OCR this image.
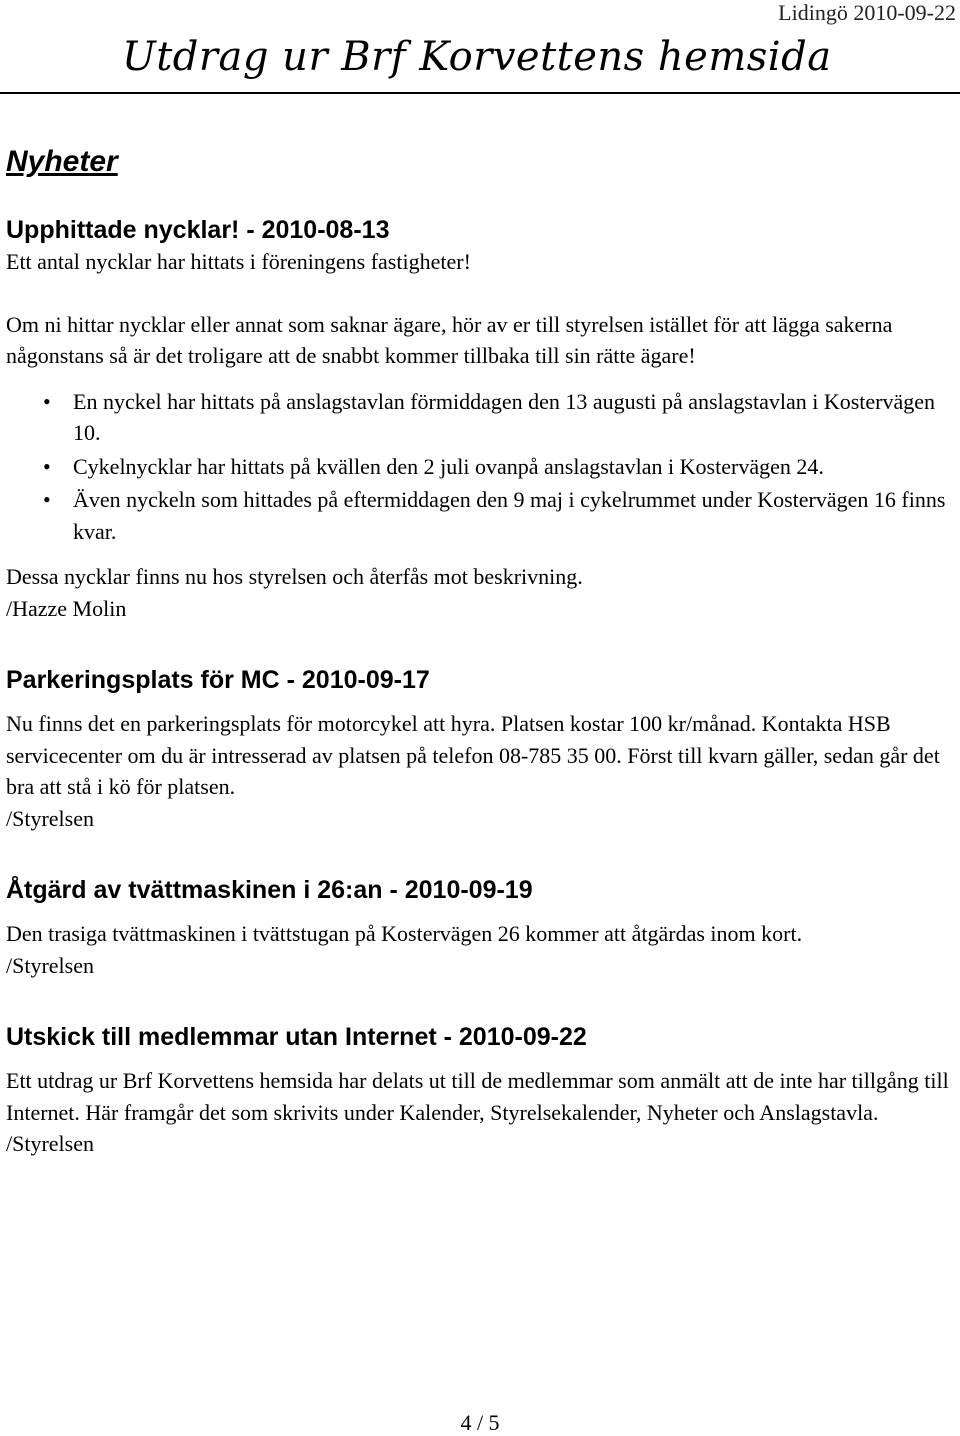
Lidingö 2010-09-22
Utdrag ur Brf Korvettens hemsida
Nyheter
Upphittade nycklar! - 2010-08-13

Ett antal nycklar har hittats i föreningens fastigheter!

Om ni hittar nycklar eller annat som saknar ägare, hör av er till styrelsen istället för att lägga sakerna någonstans så är det troligare att de snabbt kommer tillbaka till sin rätte ägare!

• En nyckel har hittats på anslagstavlan förmiddagen den 13 augusti på anslagstavlan i Kostervägen 10.
• Cykelnycklar har hittats på kvällen den 2 juli ovanpå anslagstavlan i Kostervägen 24.
• Även nyckeln som hittades på eftermiddagen den 9 maj i cykelrummet under Kostervägen 16 finns kvar.

Dessa nycklar finns nu hos styrelsen och återfås mot beskrivning.

/Hazze Molin

Parkeringsplats för MC - 2010-09-17

Nu finns det en parkeringsplats för motorcykel att hyra. Platsen kostar 100 kr/månad. Kontakta HSB servicecenter om du är intresserad av platsen på telefon 08-785 35 00. Först till kvarn gäller, sedan går det bra att stå i kö för platsen.

/Styrelsen

Åtgärd av tvättmaskinen i 26:an - 2010-09-19

Den trasiga tvättmaskinen i tvättstugan på Kostervägen 26 kommer att åtgärdas inom kort.

/Styrelsen

Utskick till medlemmar utan Internet - 2010-09-22

Ett utdrag ur Brf Korvettens hemsida har delats ut till de medlemmar som anmält att de inte har tillgång till Internet. Här framgår det som skrivits under Kalender, Styrelsekalender, Nyheter och Anslagstavla.

/Styrelsen

4 / 5
